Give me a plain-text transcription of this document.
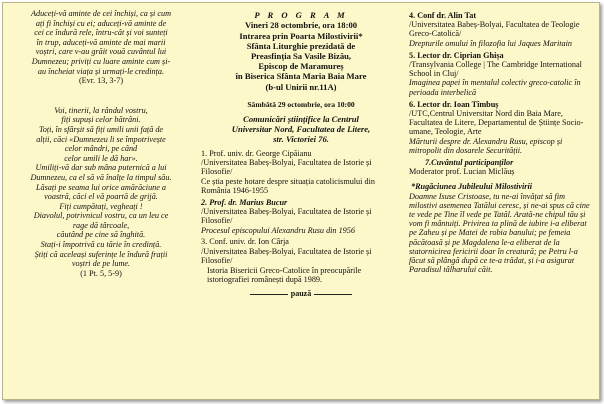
Aduceți-vă aminte de cei închiși, ca și cum

ați fi închiși cu ei; aduceți-vă aminte de

cei ce îndură rele, întru-cât și voi sunteți

în trup, aduceți-vă aminte de mai marii

voștri, care v-au grăit vouă cuvântul lui

Dumnezeu; priviți cu luare aminte cum și-

au încheiat viața și urmați-le credința.

(Evr. 13, 3-7)

Voi, tinerii, la rândul vostru,

fiți supuși celor bătrâni.

Toți, în sfârșit să fiți umili unii față de

alții, căci «Dumnezeu li se împotrivește

celor mândri, pe când

celor umili le dă har».

Umiliți-vă dar sub mâna puternică a lui

Dumnezeu, ca el să vă înalțe la timpul său.

Lăsați pe seama lui orice amărăciune a

voastră, căci el vă poartă de grijă.

Fiți cumpătați, vegheați !

Diavolul, potrivnicul vostru, ca un leu ce

rage dă târcoale,

căutând pe cine să înghită.

Stați-i împotrivă cu tărie în credință.

Știți că aceleași suferințe le îndură frații

voștri de pe lume.

(1 Pt. 5, 5-9)

P R O G R A M
Vineri 28 octombrie, ora 18:00
Intrarea prin Poarta Milostivirii*
Sfânta Liturghie prezidată de
Preasfinția Sa Vasile Bizău,
Episcop de Maramureș
în Biserica Sfânta Maria Baia Mare
(b-ul Unirii nr.11A)
Sâmbătă 29 octombrie, ora 10:00
Comunicări științifice la Centrul
Universitar Nord, Facultatea de Litere,
str. Victoriei 76.
1. Prof. univ. dr. George Cipăianu
/Universitatea Babeș-Bolyai, Facultatea de Istorie și Filosofie/
Ce știa peste hotare despre situația catolicismului din România 1946-1955
2. Prof. dr. Marius Bucur
/Universitatea Babeș-Bolyai, Facultatea de Istorie și Filosofie/
Procesul episcopului Alexandru Rusu din 1956
3. Conf. univ. dr. Ion Cârja
/Universitatea Babeș-Bolyai, Facultatea de Istorie și Filosofie/
Istoria Bisericii Greco-Catolice în preocupările istoriografiei românești după 1989.
pauză
4. Conf dr. Alin Tat
/Universitatea Babeș-Bolyai, Facultatea de Teologie Greco-Catolică/
Drepturile omului în filozofia lui Jaques Maritain
5. Lector dr. Ciprian Ghișa
/Transylvania College | The Cambridge International School in Cluj/
Imaginea papei în mentalul colectiv greco-catolic în perioada interbelică
6. Lector dr. Ioan Tîmbuș
/UTC,Centrul Universitar Nord din Baia Mare, Facultatea de Litere, Departamentul de Științe Socio-umane, Teologie, Arte
Mărturii despre dr. Alexandru Rusu, episcop și mitropolit din dosarele Securității.
7.Cuvântul participanților
Moderator prof. Lucian Miclăuș
*Rugăciunea Jubileului Milostivirii
Doamne Isuse Cristoase, tu ne-ai învățat să fim milostivi asemenea Tatălui ceresc, și ne-ai spus că cine te vede pe Tine îl vede pe Tatăl. Arată-ne chipul tău și vom fi mântuiți. Privirea ta plină de iubire i-a eliberat pe Zaheu și pe Matei de robia banului; pe femeia păcătoasă și pe Magdalena le-a eliberat de la statornicirea fericirii doar în creatură; pe Petru l-a făcut să plângă după ce te-a trădat, și i-a asigurat Paradisul tâlharului căit.
